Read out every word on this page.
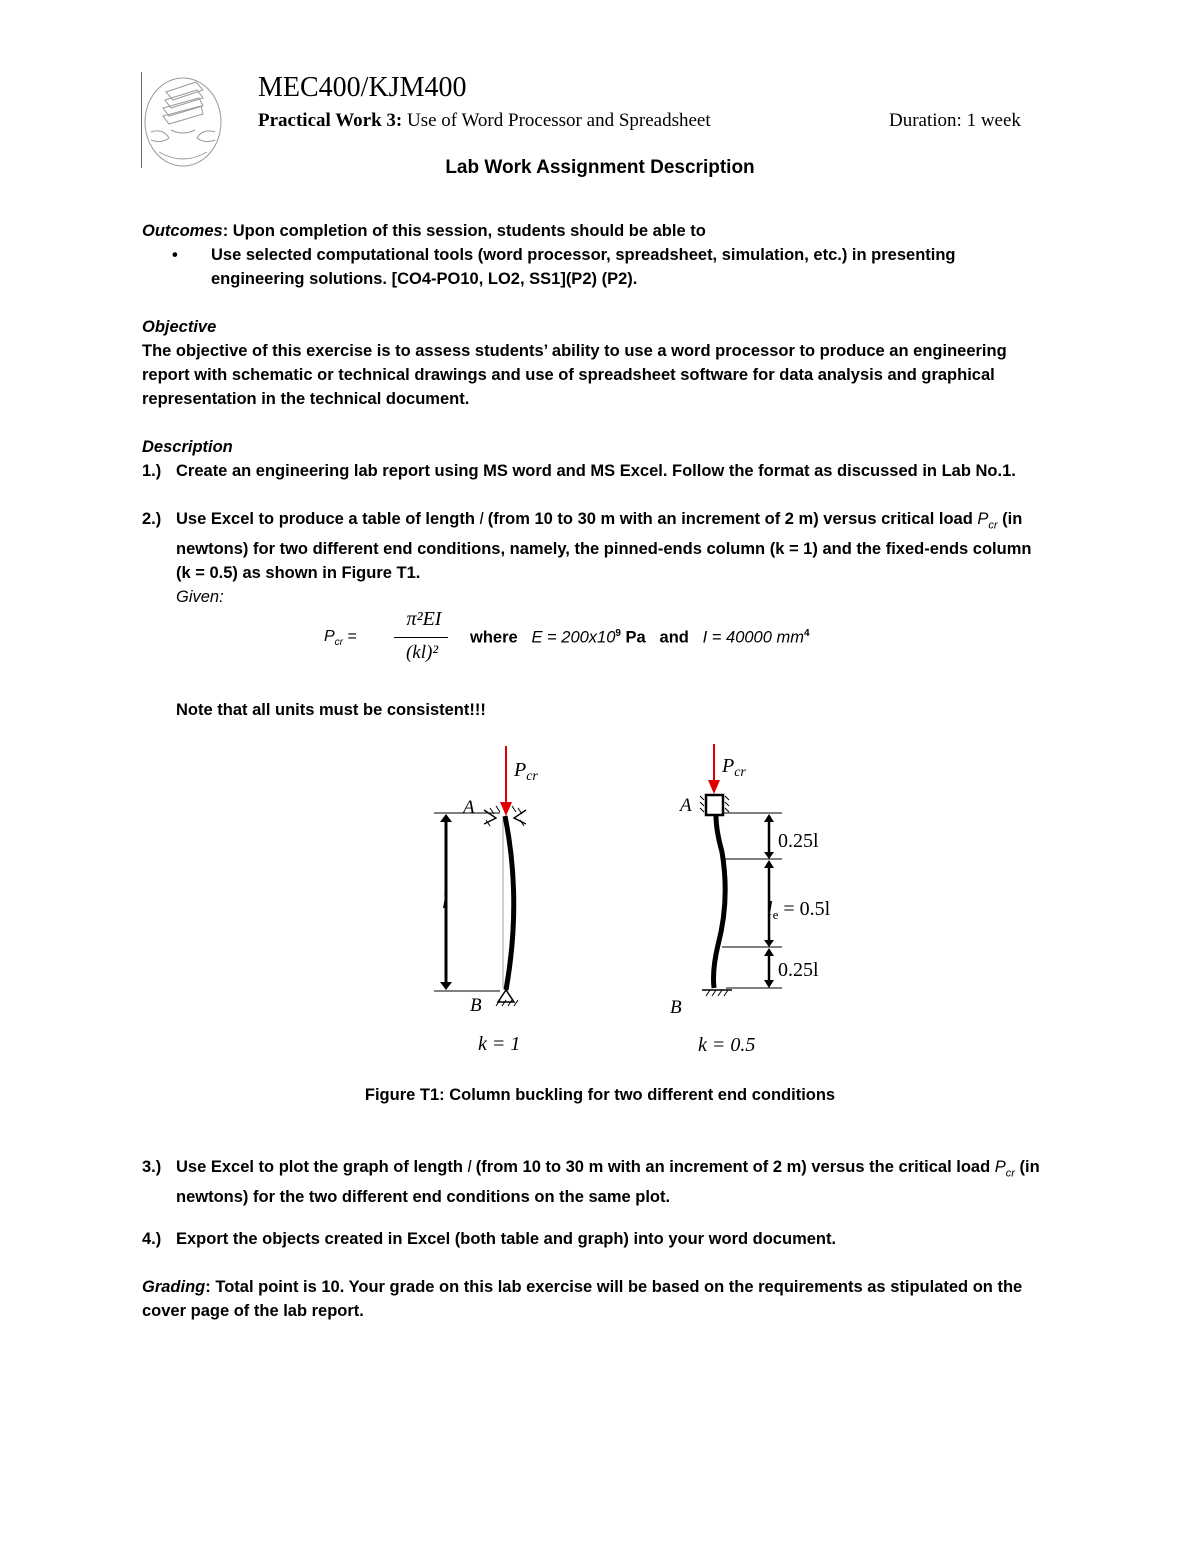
MEC400/KJM400
Practical Work 3: Use of Word Processor and Spreadsheet	Duration: 1 week
Lab Work Assignment Description
Outcomes: Upon completion of this session, students should be able to
• Use selected computational tools (word processor, spreadsheet, simulation, etc.) in presenting
engineering solutions. [CO4-PO10, LO2, SS1](P2) (P2).
Objective
The objective of this exercise is to assess students’ ability to use a word processor to produce an engineering
report with schematic or technical drawings and use of spreadsheet software for data analysis and graphical
representation in the technical document.
Description
1.) Create an engineering lab report using MS word and MS Excel. Follow the format as discussed in Lab No.1.
2.) Use Excel to produce a table of length l (from 10 to 30 m with an increment of 2 m) versus critical load $P_{cr}$ (in
newtons) for two different end conditions, namely, the pinned-ends column (k = 1) and the fixed-ends column
(k = 0.5) as shown in Figure T1.
Given:
$P_{cr}$ =
π²EI
(kl)²
where $E = 200x10^9$ Pa and I = 40000 $mm^4$
Note that all units must be consistent!!!
$P_{cr}$
A
l
B
k = 1
$P_{cr}$
A
0.25l
$l_e = 0.5l$
0.25l
B
k = 0.5
Figure T1: Column buckling for two different end conditions
3.) Use Excel to plot the graph of length l (from 10 to 30 m with an increment of 2 m) versus the critical load $P_{cr}$ (in
newtons) for the two different end conditions on the same plot.
4.) Export the objects created in Excel (both table and graph) into your word document.
Grading: Total point is 10. Your grade on this lab exercise will be based on the requirements as stipulated on the
cover page of the lab report.
